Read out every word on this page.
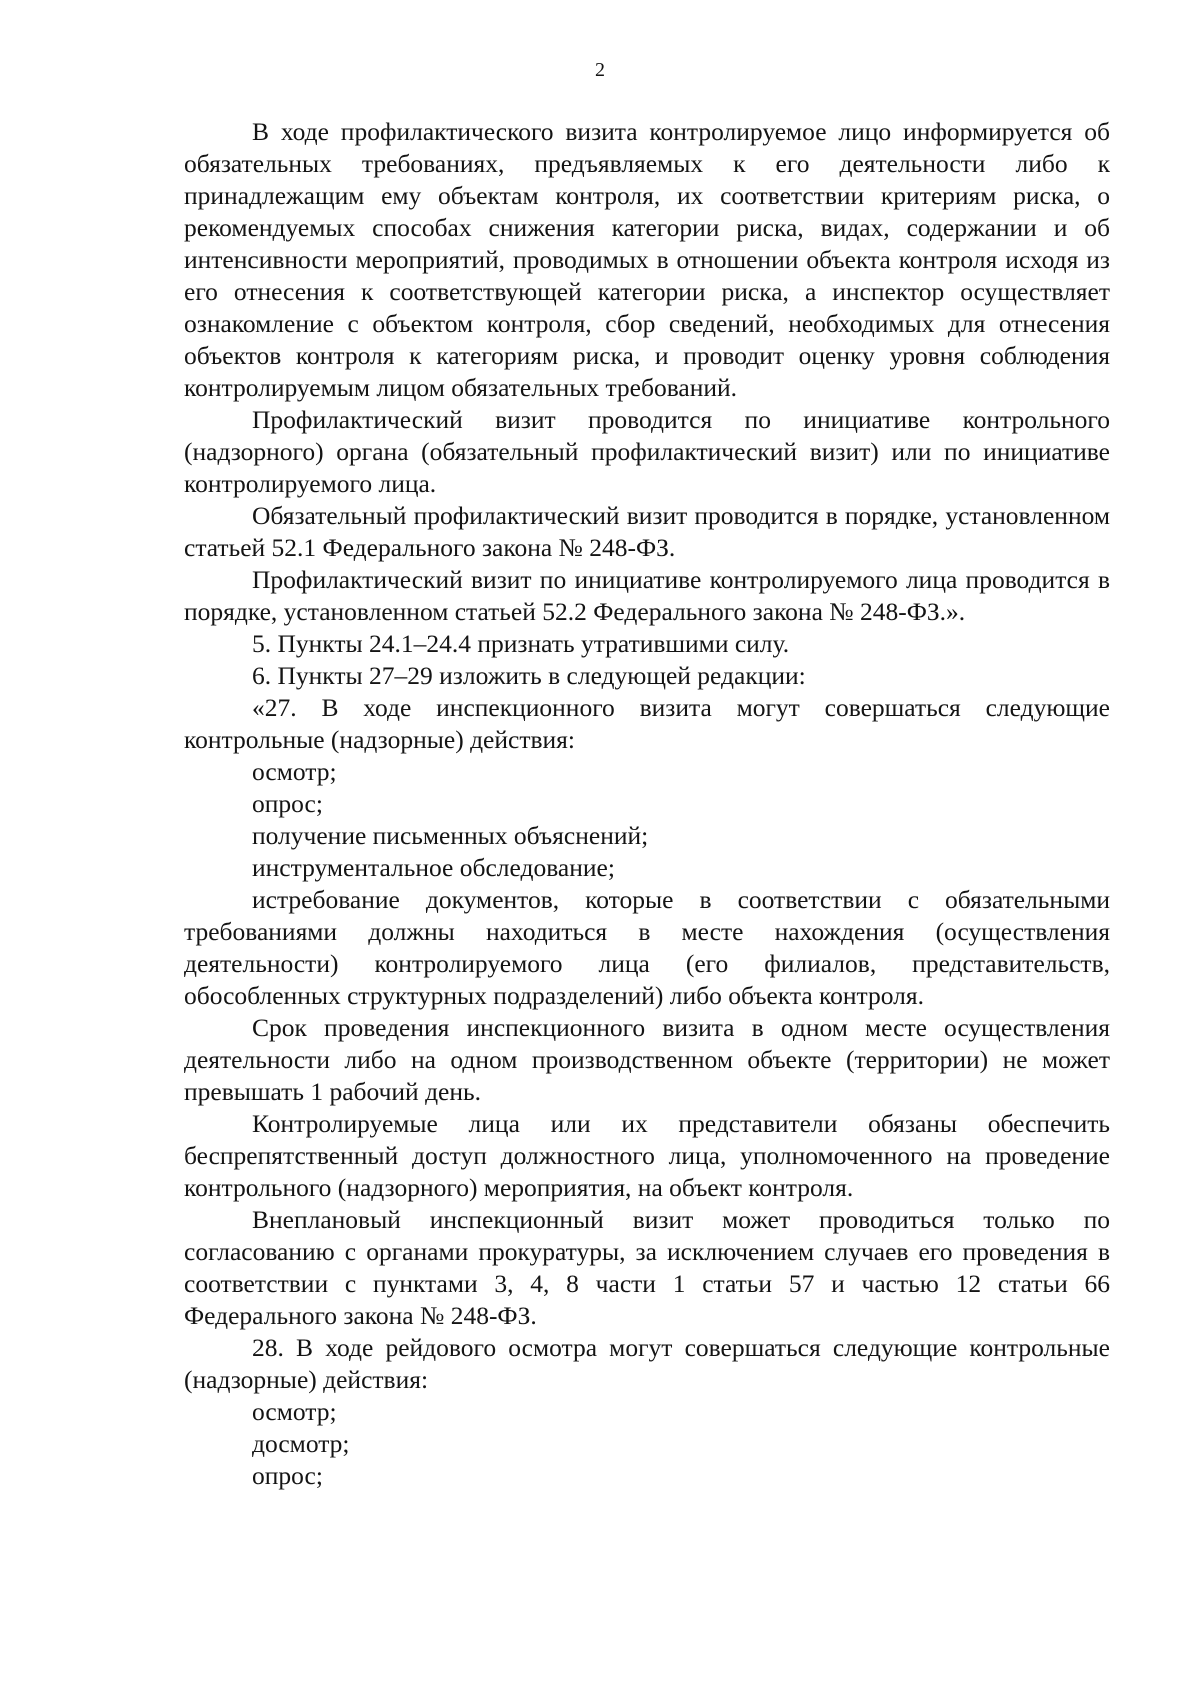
2

В ходе профилактического визита контролируемое лицо информируется об обязательных требованиях, предъявляемых к его деятельности либо к принадлежащим ему объектам контроля, их соответствии критериям риска, о рекомендуемых способах снижения категории риска, видах, содержании и об интенсивности мероприятий, проводимых в отношении объекта контроля исходя из его отнесения к соответствующей категории риска, а инспектор осуществляет ознакомление с объектом контроля, сбор сведений, необходимых для отнесения объектов контроля к категориям риска, и проводит оценку уровня соблюдения контролируемым лицом обязательных требований.

Профилактический визит проводится по инициативе контрольного (надзорного) органа (обязательный профилактический визит) или по инициативе контролируемого лица.

Обязательный профилактический визит проводится в порядке, установленном статьей 52.1 Федерального закона № 248-ФЗ.

Профилактический визит по инициативе контролируемого лица проводится в порядке, установленном статьей 52.2 Федерального закона № 248-ФЗ.».

5. Пункты 24.1–24.4 признать утратившими силу.

6. Пункты 27–29 изложить в следующей редакции:

«27. В ходе инспекционного визита могут совершаться следующие контрольные (надзорные) действия:

осмотр;

опрос;

получение письменных объяснений;

инструментальное обследование;

истребование документов, которые в соответствии с обязательными требованиями должны находиться в месте нахождения (осуществления деятельности) контролируемого лица (его филиалов, представительств, обособленных структурных подразделений) либо объекта контроля.

Срок проведения инспекционного визита в одном месте осуществления деятельности либо на одном производственном объекте (территории) не может превышать 1 рабочий день.

Контролируемые лица или их представители обязаны обеспечить беспрепятственный доступ должностного лица, уполномоченного на проведение контрольного (надзорного) мероприятия, на объект контроля.

Внеплановый инспекционный визит может проводиться только по согласованию с органами прокуратуры, за исключением случаев его проведения в соответствии с пунктами 3, 4, 8 части 1 статьи 57 и частью 12 статьи 66 Федерального закона № 248-ФЗ.

28. В ходе рейдового осмотра могут совершаться следующие контрольные (надзорные) действия:

осмотр;

досмотр;

опрос;
